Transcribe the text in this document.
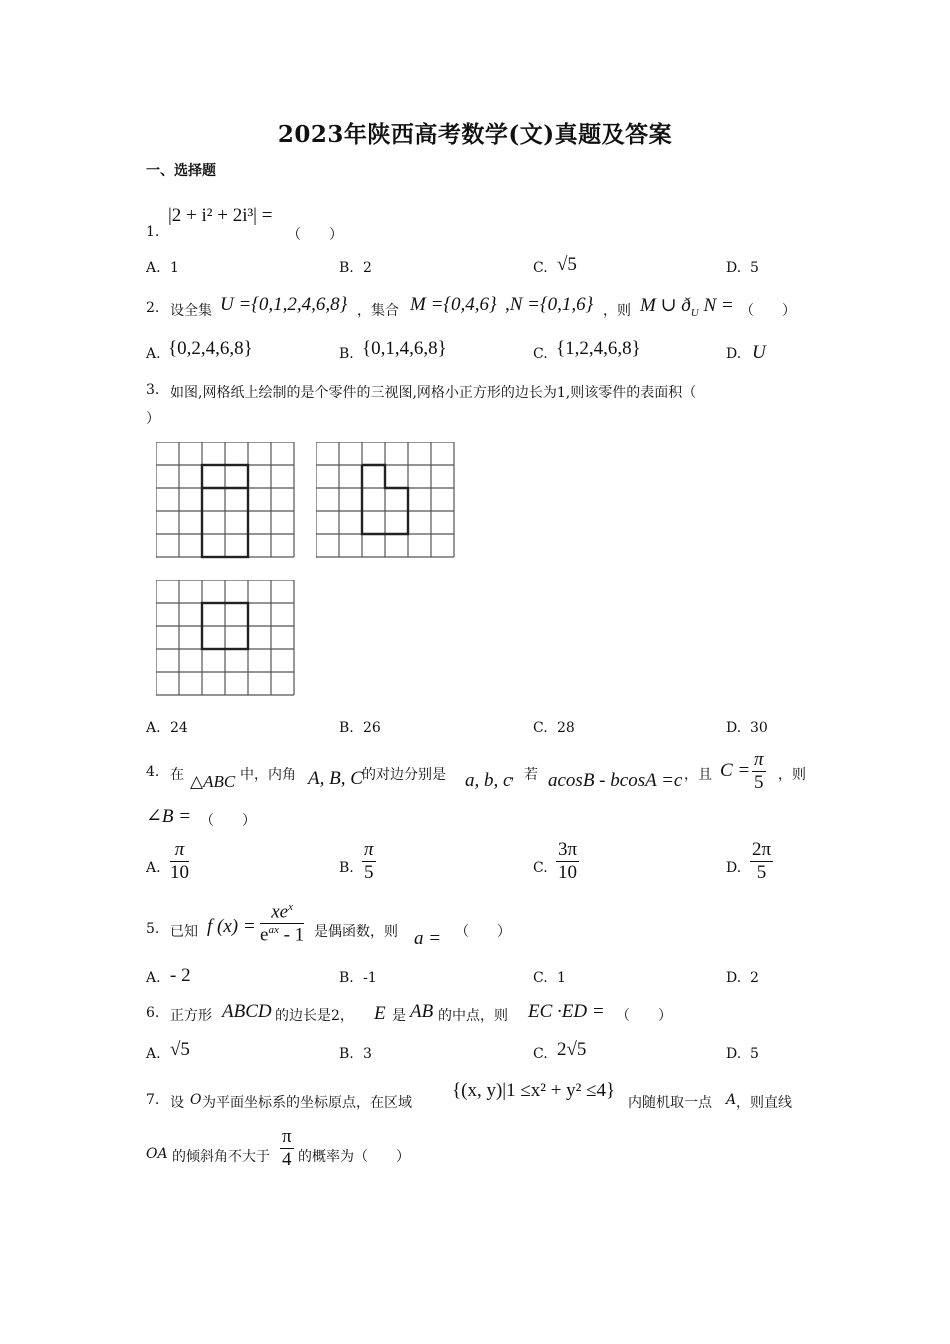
2023年陕西高考数学(文)真题及答案
一、选择题
1.
|2 + i² + 2i³| =
（　　）
A. 1	B. 2	C. √5	D. 5
2. 设全集 U ={0,1,2,4,6,8} ，集合 M ={0,4,6} ,N ={0,1,6} ，则 M ∪ $ð_U$ N = （　　）
A. {0,2,4,6,8}	B. {0,1,4,6,8}	C. {1,2,4,6,8}	D. U
3. 如图,网格纸上绘制的是个零件的三视图,网格小正方形的边长为1,则该零件的表面积（
）
A. 24	B. 26	C. 28	D. 30
4. 在 △ABC 中，内角 A, B, C 的对边分别是 a, b, c
，若 acosB - bcosA =c ，且 $C = \frac{\pi}{5}$ ，则
∠B = （　　）
A. $\frac{\pi}{10}$	B. $\frac{\pi}{5}$	C. $\frac{3\pi}{10}$	D. $\frac{2\pi}{5}$
5. 已知 f (x) =
$xe^x$
$e^{ax} - 1$ 是偶函数，则 a = （　　）
A. - 2	B. -1	C. 1	D. 2
6. 正方形 ABCD 的边长是2， E 是 AB 的中点，则 EC ·ED = （　　）
A. √5	B. 3	C. 2√5	D. 5
7. 设 O 为平面坐标系的坐标原点，在区域
{(x, y)|1 ≤x² + y² ≤4}
内随机取一点 A ，则直线
OA 的倾斜角不大于 $\frac{\pi}{4}$ 的概率为（　　）
